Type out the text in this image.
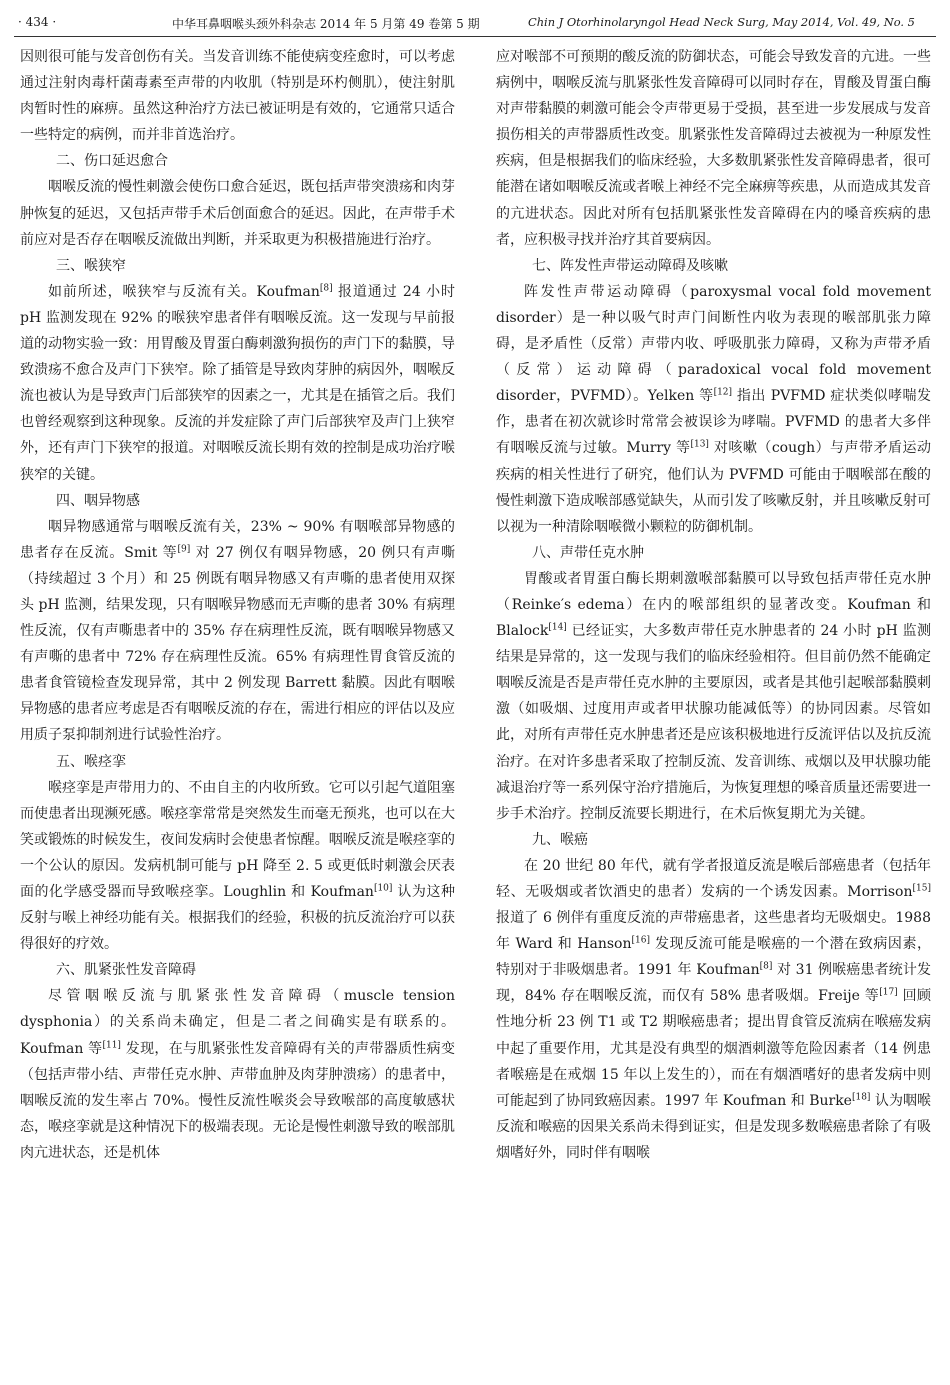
· 434 ·	中华耳鼻咽喉头颈外科杂志 2014 年 5 月第 49 卷第 5 期	Chin J Otorhinolaryngol Head Neck Surg, May 2014, Vol. 49, No. 5

因则很可能与发音创伤有关。当发音训练不能使病变痊愈时，可以考虑通过注射肉毒杆菌毒素至声带的内收肌（特别是环杓侧肌），使注射肌肉暂时性的麻痹。虽然这种治疗方法已被证明是有效的，它通常只适合一些特定的病例，而并非首选治疗。

二、伤口延迟愈合

咽喉反流的慢性刺激会使伤口愈合延迟，既包括声带突溃疡和肉芽肿恢复的延迟，又包括声带手术后创面愈合的延迟。因此，在声带手术前应对是否存在咽喉反流做出判断，并采取更为积极措施进行治疗。

三、喉狭窄

如前所述，喉狭窄与反流有关。Koufman[8] 报道通过 24 小时pH 监测发现在 92% 的喉狭窄患者伴有咽喉反流。这一发现与早前报道的动物实验一致：用胃酸及胃蛋白酶刺激狗损伤的声门下的黏膜，导致溃疡不愈合及声门下狭窄。除了插管是导致肉芽肿的病因外，咽喉反流也被认为是导致声门后部狭窄的因素之一，尤其是在插管之后。我们也曾经观察到这种现象。反流的并发症除了声门后部狭窄及声门上狭窄外，还有声门下狭窄的报道。对咽喉反流长期有效的控制是成功治疗喉狭窄的关键。

四、咽异物感

咽异物感通常与咽喉反流有关，23% ~ 90% 有咽喉部异物感的患者存在反流。Smit 等[9] 对 27 例仅有咽异物感，20 例只有声嘶（持续超过 3 个月）和 25 例既有咽异物感又有声嘶的患者使用双探头 pH 监测，结果发现，只有咽喉异物感而无声嘶的患者 30% 有病理性反流，仅有声嘶患者中的 35% 存在病理性反流，既有咽喉异物感又有声嘶的患者中 72% 存在病理性反流。65% 有病理性胃食管反流的患者食管镜检查发现异常，其中 2 例发现 Barrett 黏膜。因此有咽喉异物感的患者应考虑是否有咽喉反流的存在，需进行相应的评估以及应用质子泵抑制剂进行试验性治疗。

五、喉痉挛

喉痉挛是声带用力的、不由自主的内收所致。它可以引起气道阻塞而使患者出现濒死感。喉痉挛常常是突然发生而毫无预兆，也可以在大笑或锻炼的时候发生，夜间发病时会使患者惊醒。咽喉反流是喉痉挛的一个公认的原因。发病机制可能与 pH 降至 2. 5 或更低时刺激会厌表面的化学感受器而导致喉痉挛。Loughlin 和 Koufman[10] 认为这种反射与喉上神经功能有关。根据我们的经验，积极的抗反流治疗可以获得很好的疗效。

六、肌紧张性发音障碍

尽管咽喉反流与肌紧张性发音障碍（muscle tension dysphonia）的关系尚未确定，但是二者之间确实是有联系的。Koufman 等[11] 发现，在与肌紧张性发音障碍有关的声带器质性病变（包括声带小结、声带任克水肿、声带血肿及肉芽肿溃疡）的患者中，咽喉反流的发生率占 70%。慢性反流性喉炎会导致喉部的高度敏感状态，喉痉挛就是这种情况下的极端表现。无论是慢性刺激导致的喉部肌肉亢进状态，还是机体

应对喉部不可预期的酸反流的防御状态，可能会导致发音的亢进。一些病例中，咽喉反流与肌紧张性发音障碍可以同时存在，胃酸及胃蛋白酶对声带黏膜的刺激可能会令声带更易于受损，甚至进一步发展成与发音损伤相关的声带器质性改变。肌紧张性发音障碍过去被视为一种原发性疾病，但是根据我们的临床经验，大多数肌紧张性发音障碍患者，很可能潜在诸如咽喉反流或者喉上神经不完全麻痹等疾患，从而造成其发音的亢进状态。因此对所有包括肌紧张性发音障碍在内的嗓音疾病的患者，应积极寻找并治疗其首要病因。

七、阵发性声带运动障碍及咳嗽

阵发性声带运动障碍（paroxysmal vocal fold movement disorder）是一种以吸气时声门间断性内收为表现的喉部肌张力障碍，是矛盾性（反常）声带内收、呼吸肌张力障碍，又称为声带矛盾（反常）运动障碍（paradoxical vocal fold movement disorder，PVFMD）。Yelken 等[12] 指出 PVFMD 症状类似哮喘发作，患者在初次就诊时常常会被误诊为哮喘。PVFMD 的患者大多伴有咽喉反流与过敏。Murry 等[13] 对咳嗽（cough）与声带矛盾运动疾病的相关性进行了研究，他们认为 PVFMD 可能由于咽喉部在酸的慢性刺激下造成喉部感觉缺失，从而引发了咳嗽反射，并且咳嗽反射可以视为一种清除咽喉微小颗粒的防御机制。

八、声带任克水肿

胃酸或者胃蛋白酶长期刺激喉部黏膜可以导致包括声带任克水肿（Reinke′s edema）在内的喉部组织的显著改变。Koufman 和 Blalock[14] 已经证实，大多数声带任克水肿患者的 24 小时 pH 监测结果是异常的，这一发现与我们的临床经验相符。但目前仍然不能确定咽喉反流是否是声带任克水肿的主要原因，或者是其他引起喉部黏膜刺激（如吸烟、过度用声或者甲状腺功能减低等）的协同因素。尽管如此，对所有声带任克水肿患者还是应该积极地进行反流评估以及抗反流治疗。在对许多患者采取了控制反流、发音训练、戒烟以及甲状腺功能减退治疗等一系列保守治疗措施后，为恢复理想的嗓音质量还需要进一步手术治疗。控制反流要长期进行，在术后恢复期尤为关键。

九、喉癌

在 20 世纪 80 年代，就有学者报道反流是喉后部癌患者（包括年轻、无吸烟或者饮酒史的患者）发病的一个诱发因素。Morrison[15] 报道了 6 例伴有重度反流的声带癌患者，这些患者均无吸烟史。1988 年 Ward 和 Hanson[16] 发现反流可能是喉癌的一个潜在致病因素，特别对于非吸烟患者。1991 年 Koufman[8] 对 31 例喉癌患者统计发现，84% 存在咽喉反流，而仅有 58% 患者吸烟。Freije 等[17] 回顾性地分析 23 例 T1 或 T2 期喉癌患者；提出胃食管反流病在喉癌发病中起了重要作用，尤其是没有典型的烟酒刺激等危险因素者（14 例患者喉癌是在戒烟 15 年以上发生的），而在有烟酒嗜好的患者发病中则可能起到了协同致癌因素。1997 年 Koufman 和 Burke[18] 认为咽喉反流和喉癌的因果关系尚未得到证实，但是发现多数喉癌患者除了有吸烟嗜好外，同时伴有咽喉
